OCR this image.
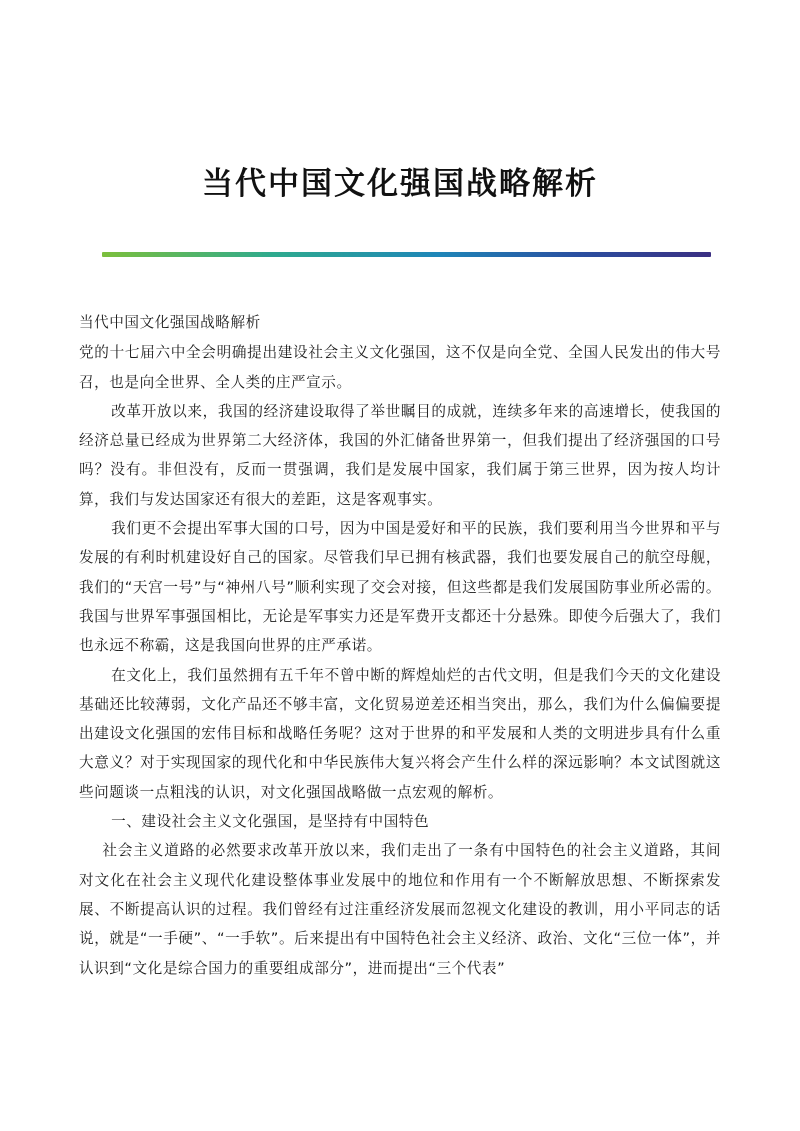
当代中国文化强国战略解析

当代中国文化强国战略解析

党的十七届六中全会明确提出建设社会主义文化强国，这不仅是向全党、全国人民发出的伟大号召，也是向全世界、全人类的庄严宣示。

改革开放以来，我国的经济建设取得了举世瞩目的成就，连续多年来的高速增长，使我国的经济总量已经成为世界第二大经济体，我国的外汇储备世界第一，但我们提出了经济强国的口号吗？没有。非但没有，反而一贯强调，我们是发展中国家，我们属于第三世界，因为按人均计算，我们与发达国家还有很大的差距，这是客观事实。

我们更不会提出军事大国的口号，因为中国是爱好和平的民族，我们要利用当今世界和平与发展的有利时机建设好自己的国家。尽管我们早已拥有核武器，我们也要发展自己的航空母舰，我们的“天宫一号”与“神州八号”顺利实现了交会对接，但这些都是我们发展国防事业所必需的。我国与世界军事强国相比，无论是军事实力还是军费开支都还十分悬殊。即使今后强大了，我们也永远不称霸，这是我国向世界的庄严承诺。

在文化上，我们虽然拥有五千年不曾中断的辉煌灿烂的古代文明，但是我们今天的文化建设基础还比较薄弱，文化产品还不够丰富，文化贸易逆差还相当突出，那么，我们为什么偏偏要提出建设文化强国的宏伟目标和战略任务呢？这对于世界的和平发展和人类的文明进步具有什么重大意义？对于实现国家的现代化和中华民族伟大复兴将会产生什么样的深远影响？本文试图就这些问题谈一点粗浅的认识，对文化强国战略做一点宏观的解析。

一、建设社会主义文化强国，是坚持有中国特色

社会主义道路的必然要求改革开放以来，我们走出了一条有中国特色的社会主义道路，其间对文化在社会主义现代化建设整体事业发展中的地位和作用有一个不断解放思想、不断探索发展、不断提高认识的过程。我们曾经有过注重经济发展而忽视文化建设的教训，用小平同志的话说，就是“一手硬”、“一手软”。后来提出有中国特色社会主义经济、政治、文化“三位一体”，并认识到“文化是综合国力的重要组成部分”，进而提出“三个代表”
